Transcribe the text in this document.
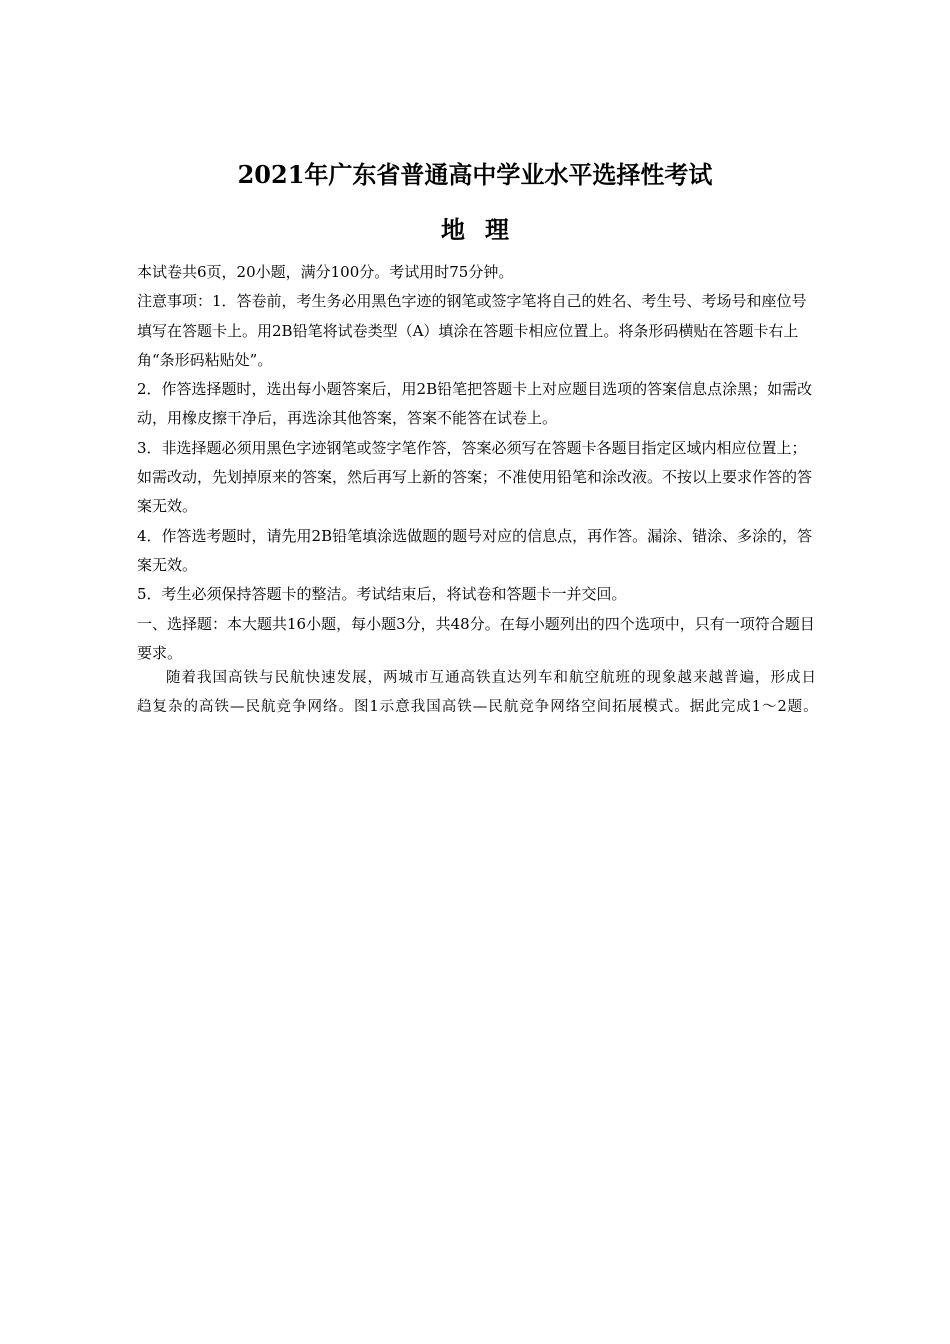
2021年广东省普通高中学业水平选择性考试
地理

本试卷共6页，20小题，满分100分。考试用时75分钟。

注意事项：1．答卷前，考生务必用黑色字迹的钢笔或签字笔将自己的姓名、考生号、考场号和座位号填写在答题卡上。用2B铅笔将试卷类型（A）填涂在答题卡相应位置上。将条形码横贴在答题卡右上角“条形码粘贴处”。

2．作答选择题时，选出每小题答案后，用2B铅笔把答题卡上对应题目选项的答案信息点涂黑；如需改动，用橡皮擦干净后，再选涂其他答案，答案不能答在试卷上。

3．非选择题必须用黑色字迹钢笔或签字笔作答，答案必须写在答题卡各题目指定区域内相应位置上；如需改动，先划掉原来的答案，然后再写上新的答案；不准使用铅笔和涂改液。不按以上要求作答的答案无效。

4．作答选考题时，请先用2B铅笔填涂选做题的题号对应的信息点，再作答。漏涂、错涂、多涂的，答案无效。

5．考生必须保持答题卡的整洁。考试结束后，将试卷和答题卡一并交回。

一、选择题：本大题共16小题，每小题3分，共48分。在每小题列出的四个选项中，只有一项符合题目要求。

随着我国高铁与民航快速发展，两城市互通高铁直达列车和航空航班的现象越来越普遍，形成日趋复杂的高铁—民航竞争网络。图1示意我国高铁—民航竞争网络空间拓展模式。据此完成1～2题。
